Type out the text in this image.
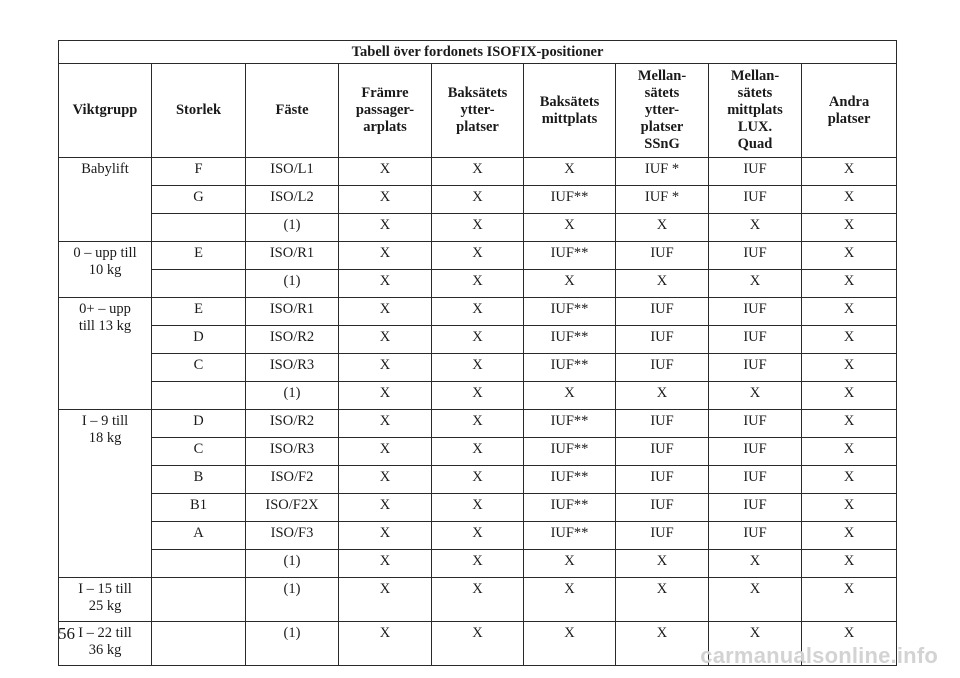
Tabell över fordonets ISOFIX-positioner								
Viktgrupp	Storlek	Fäste	Främre
passager-
arplats	Baksätets
ytter-
platser	Baksätets
mittplats	Mellan-
sätets
ytter-
platser
SSnG	Mellan-
sätets
mittplats
LUX.
Quad	Andra
platser
Babylift	F	ISO/L1	X	X	X	IUF *	IUF	X
	G	ISO/L2	X	X	IUF**	IUF *	IUF	X
		(1)	X	X	X	X	X	X
0 – upp till
10 kg	E	ISO/R1	X	X	IUF**	IUF	IUF	X
		(1)	X	X	X	X	X	X
0+ – upp
till 13 kg	E	ISO/R1	X	X	IUF**	IUF	IUF	X
	D	ISO/R2	X	X	IUF**	IUF	IUF	X
	C	ISO/R3	X	X	IUF**	IUF	IUF	X
		(1)	X	X	X	X	X	X
I – 9 till
18 kg	D	ISO/R2	X	X	IUF**	IUF	IUF	X
	C	ISO/R3	X	X	IUF**	IUF	IUF	X
	B	ISO/F2	X	X	IUF**	IUF	IUF	X
	B1	ISO/F2X	X	X	IUF**	IUF	IUF	X
	A	ISO/F3	X	X	IUF**	IUF	IUF	X
		(1)	X	X	X	X	X	X
I – 15 till
25 kg		(1)	X	X	X	X	X	X
I – 22 till
36 kg		(1)	X	X	X	X	X	X
56
carmanualsonline.info
